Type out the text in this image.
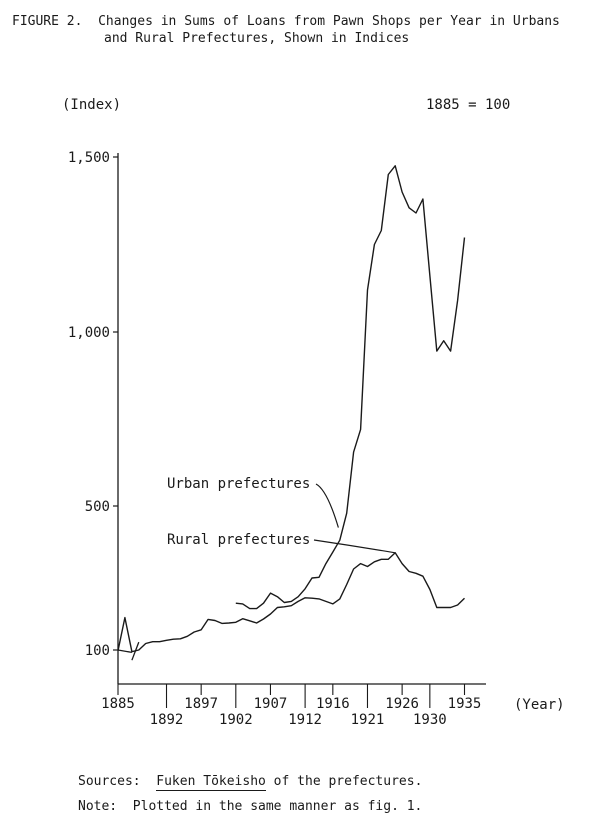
FIGURE 2. Changes in Sums of Loans from Pawn Shops per Year in Urbans
and Rural Prefectures, Shown in Indices
100
500
1,000
1,500
1885	1897	1907 1916	1926 1935
1892	1902	1912 1921 1930
(Index)
(Year)
1885 = 100
Urban prefectures
Rural prefectures
Sources: Fuken Tōkeisho of the prefectures.
Note: Plotted in the same manner as fig. 1.
